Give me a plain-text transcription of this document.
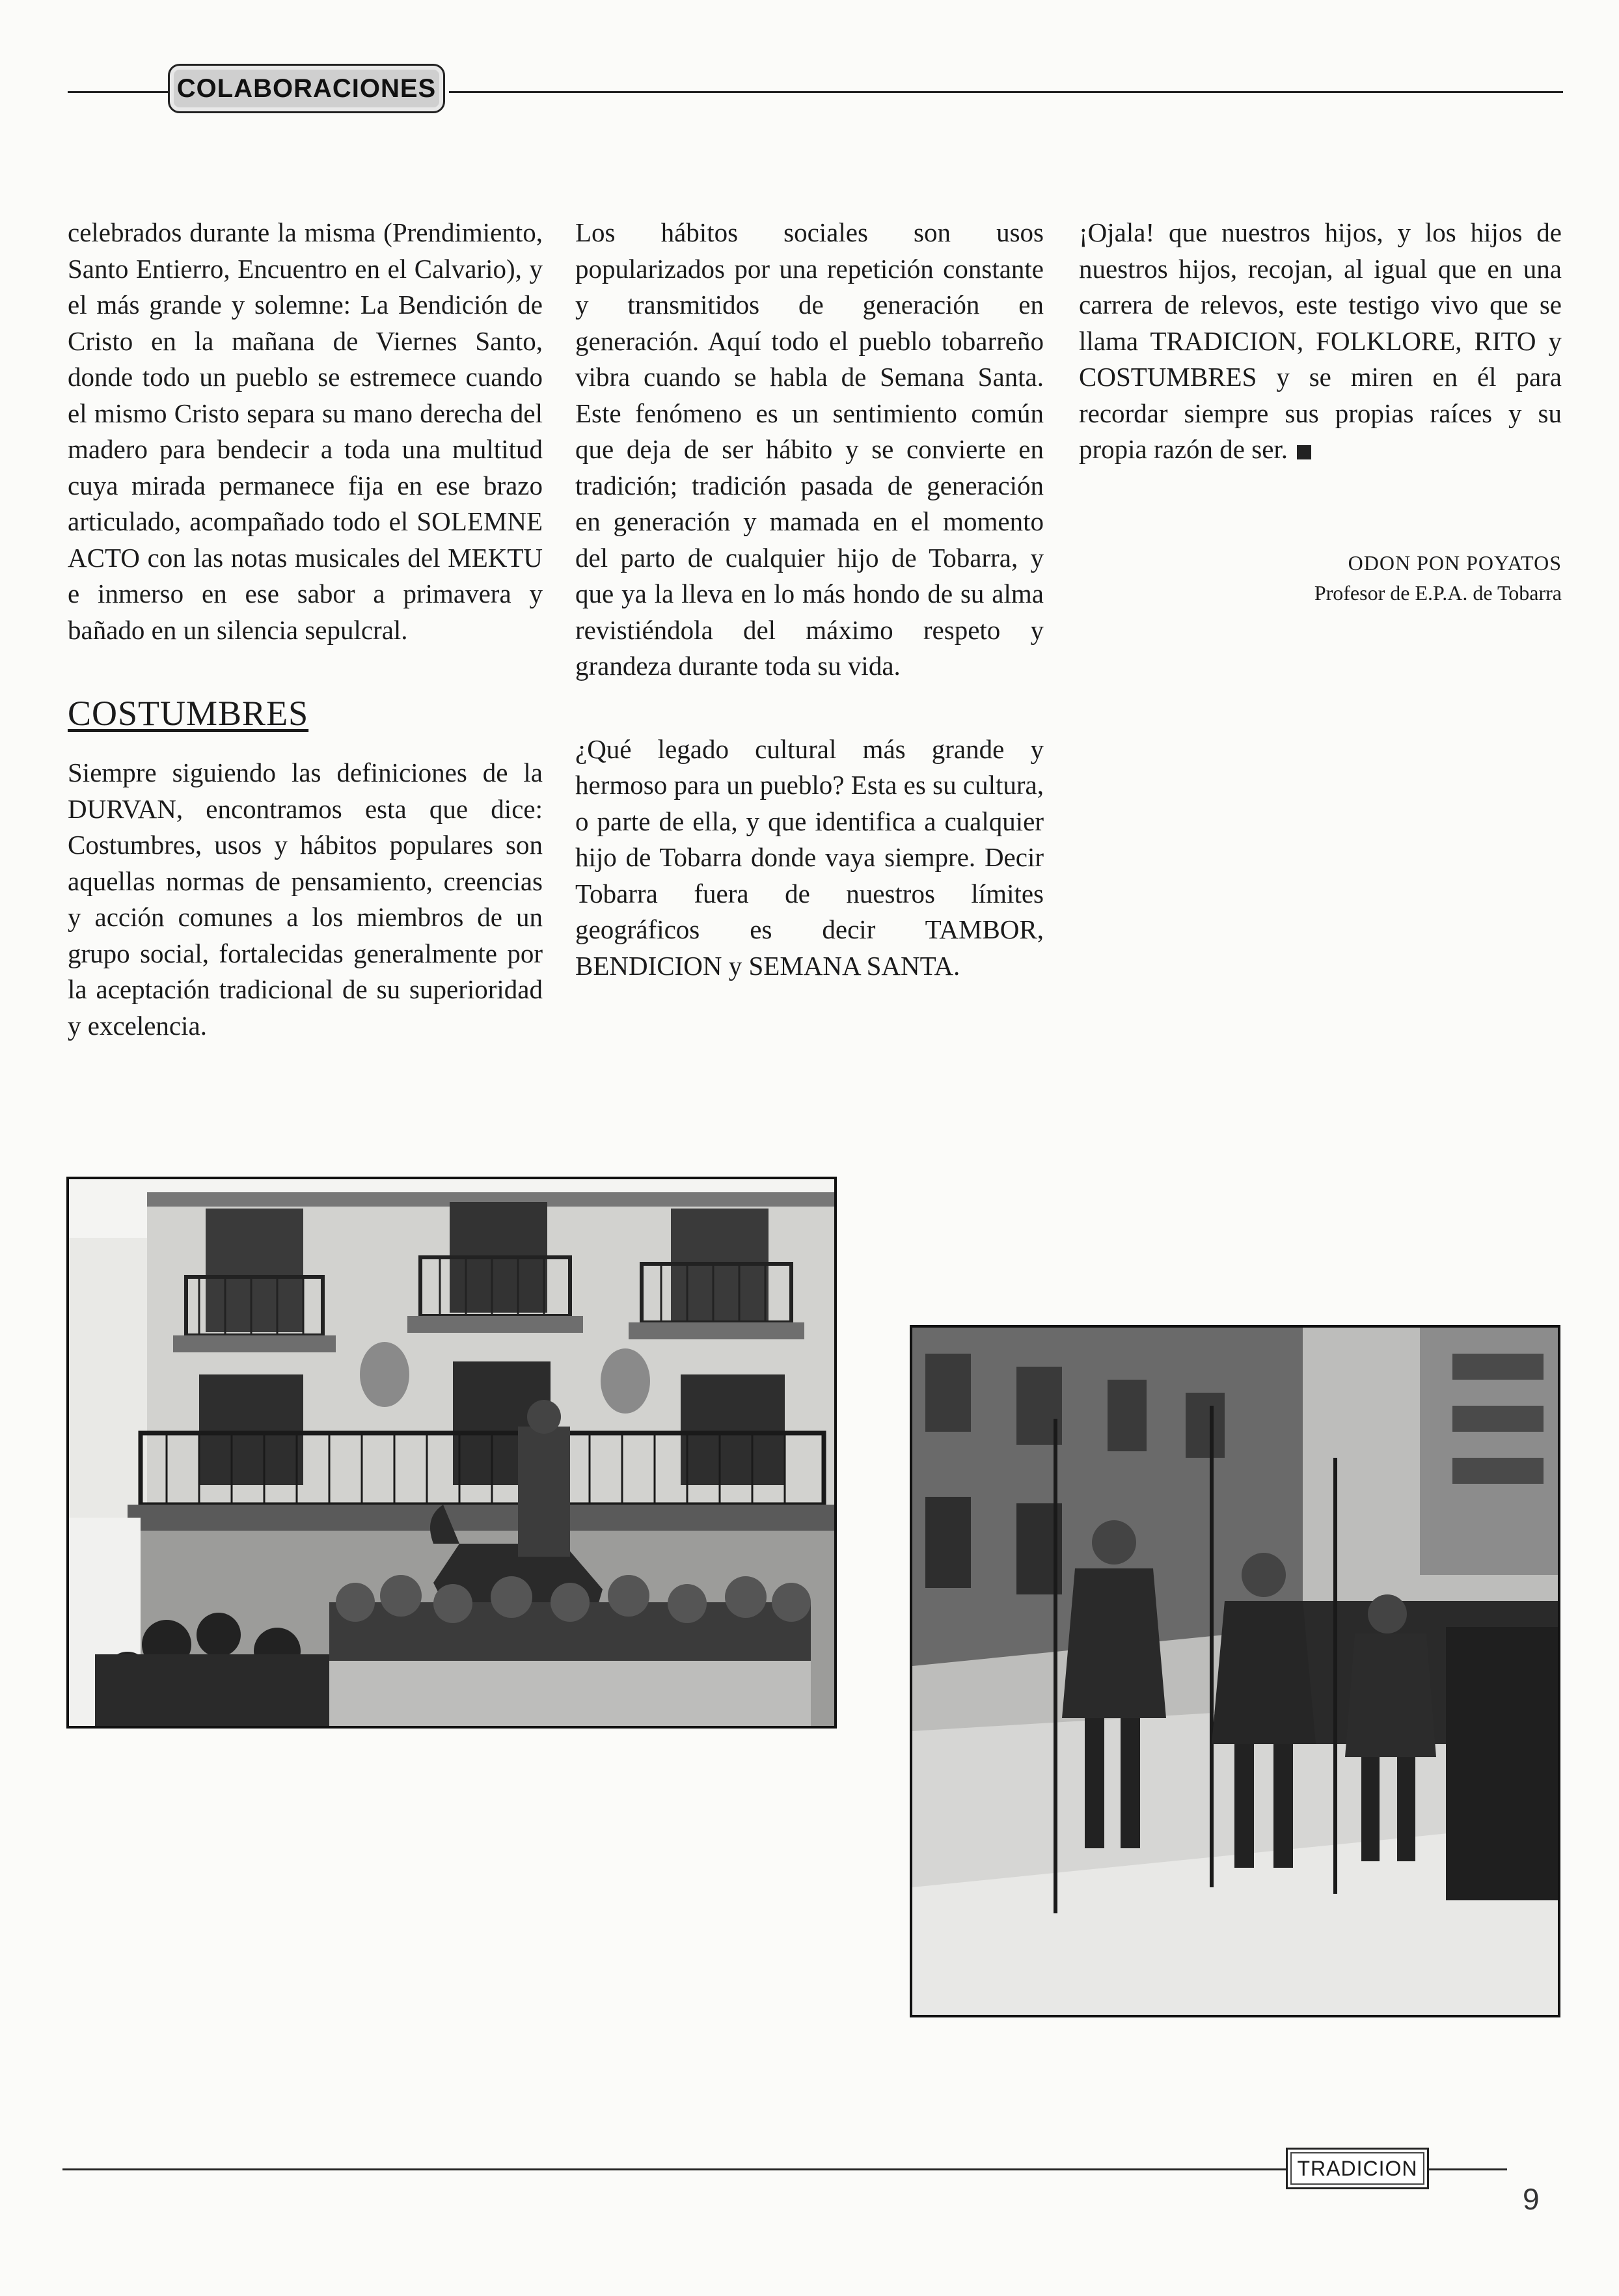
COLABORACIONES

celebrados durante la misma (Prendimiento, Santo Entierro, Encuentro en el Calvario), y el más grande y solemne: La Bendición de Cristo en la mañana de Viernes Santo, donde todo un pueblo se estremece cuando el mismo Cristo separa su mano derecha del madero para bendecir a toda una multitud cuya mirada permanece fija en ese brazo articulado, acompañado todo el SOLEMNE ACTO con las notas musicales del MEKTU e inmerso en ese sabor a primavera y bañado en un silencia sepulcral.

COSTUMBRES

Siempre siguiendo las definiciones de la DURVAN, encontramos esta que dice: Costumbres, usos y hábitos populares son aquellas normas de pensamiento, creencias y acción comunes a los miembros de un grupo social, fortalecidas generalmente por la aceptación tradicional de su superioridad y excelencia.

Los hábitos sociales son usos popularizados por una repetición constante y transmitidos de generación en generación. Aquí todo el pueblo tobarreño vibra cuando se habla de Semana Santa. Este fenómeno es un sentimiento común que deja de ser hábito y se convierte en tradición; tradición pasada de generación en generación y mamada en el momento del parto de cualquier hijo de Tobarra, y que ya la lleva en lo más hondo de su alma revistiéndola del máximo respeto y grandeza durante toda su vida.

¿Qué legado cultural más grande y hermoso para un pueblo? Esta es su cultura, o parte de ella, y que identifica a cualquier hijo de Tobarra donde vaya siempre. Decir Tobarra fuera de nuestros límites geográficos es decir TAMBOR, BENDICION y SEMANA SANTA.

¡Ojala! que nuestros hijos, y los hijos de nuestros hijos, recojan, al igual que en una carrera de relevos, este testigo vivo que se llama TRADICION, FOLKLORE, RITO y COSTUMBRES y se miren en él para recordar siempre sus propias raíces y su propia razón de ser.

ODON PON POYATOS
Profesor de E.P.A. de Tobarra
TRADICION
9
